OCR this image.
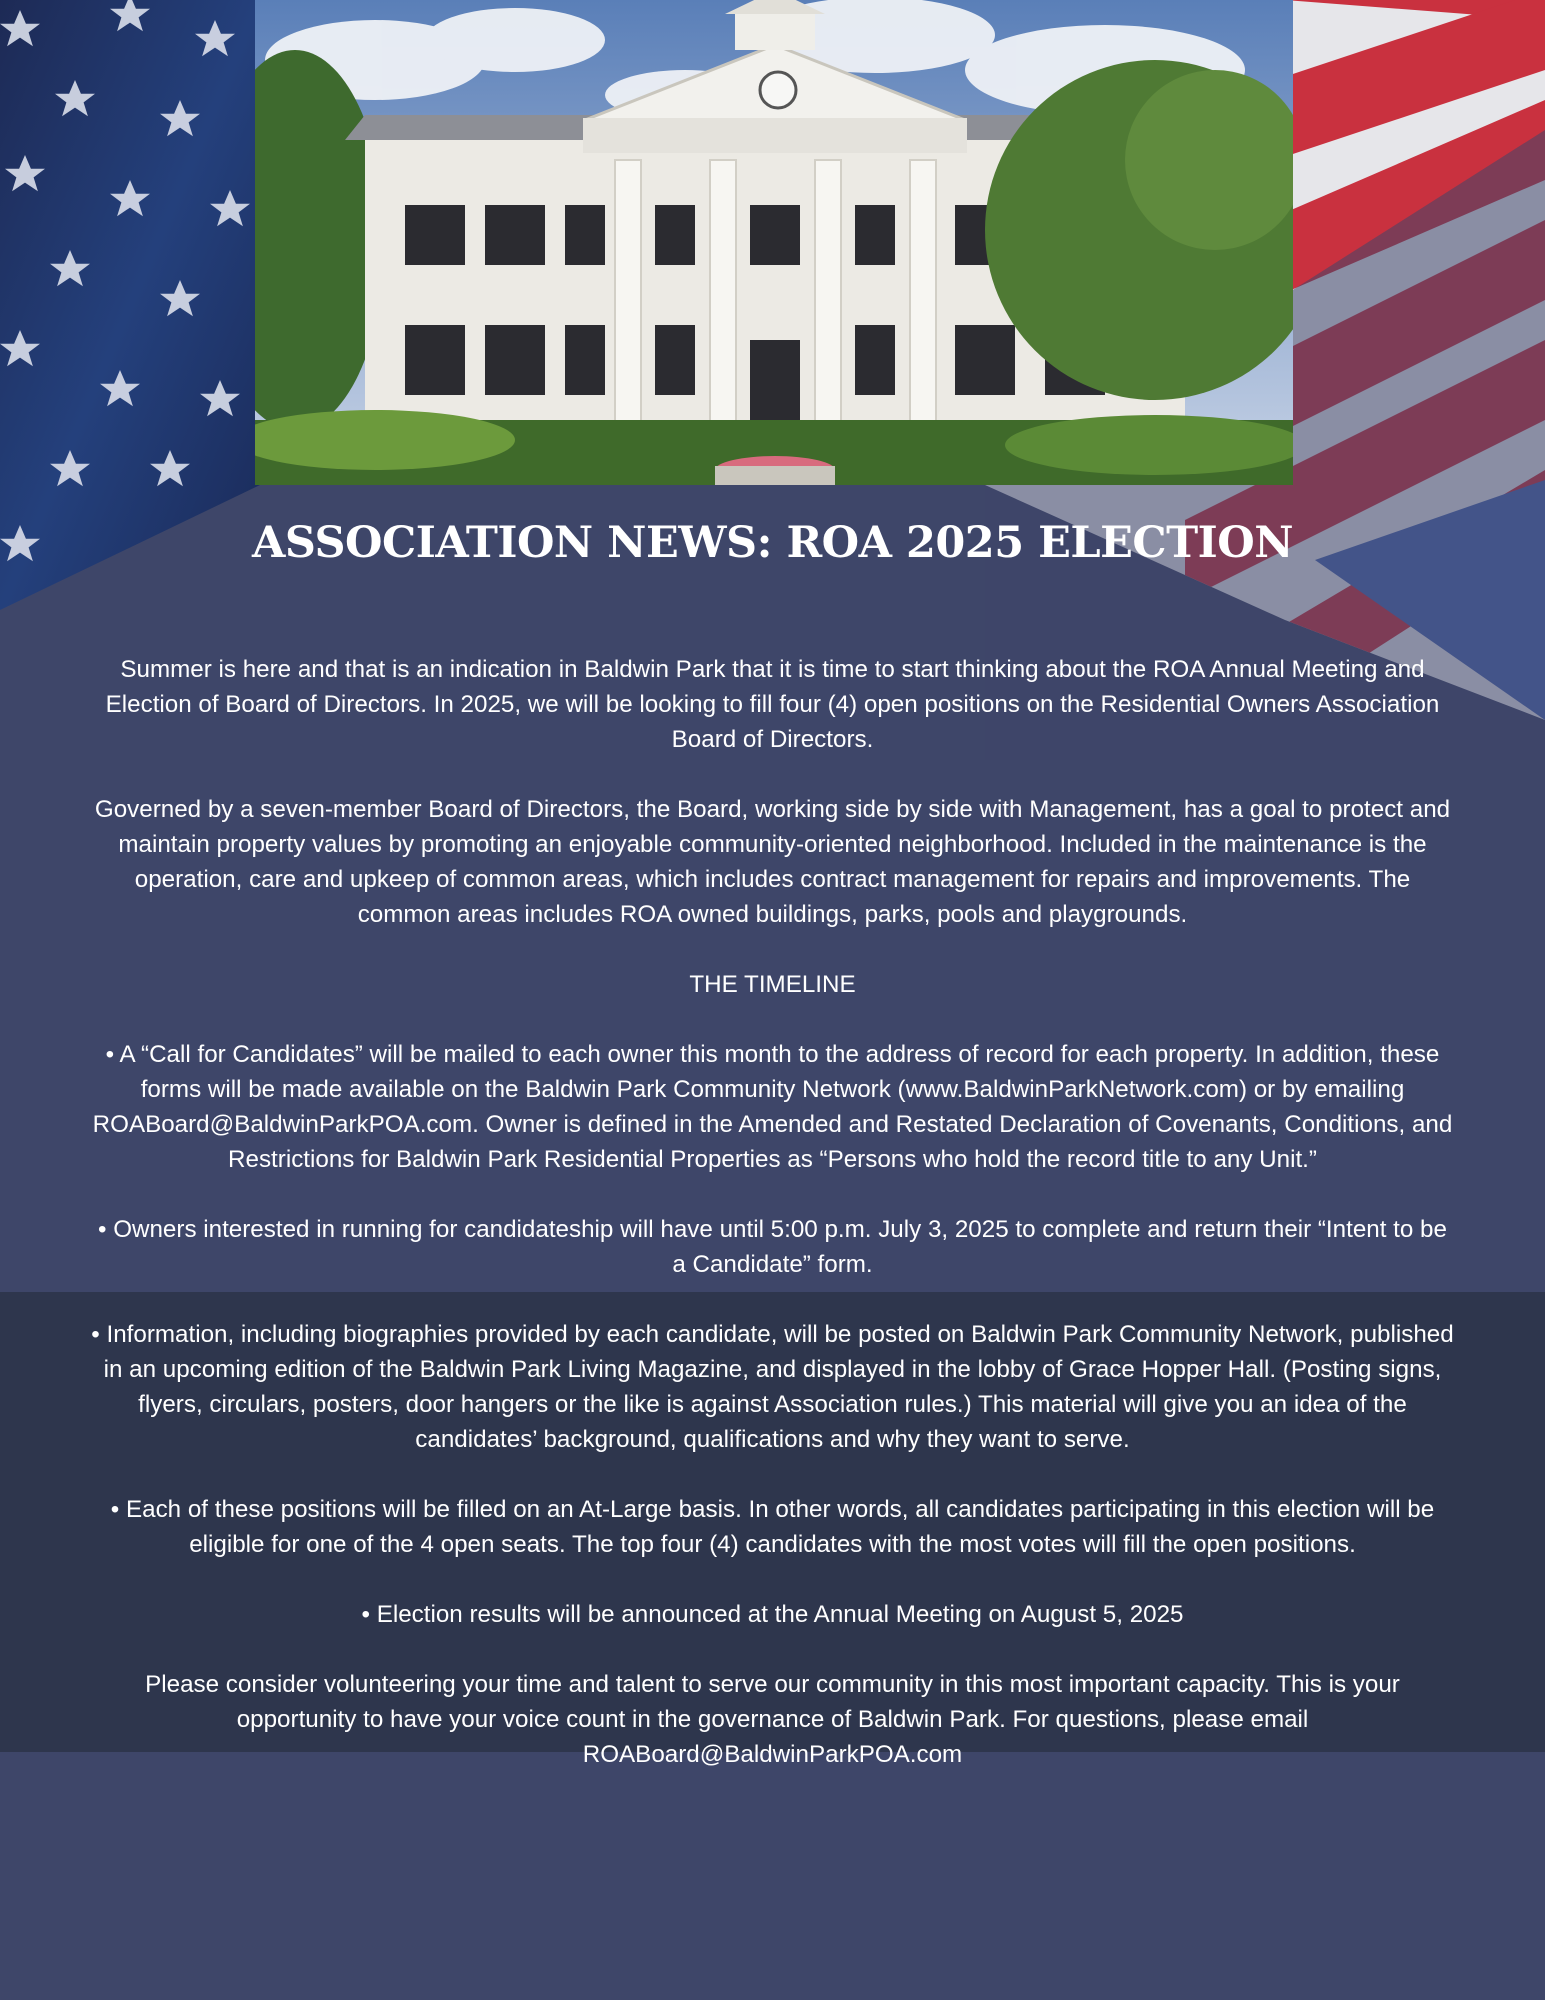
ASSOCIATION NEWS: ROA 2025 ELECTION

Summer is here and that is an indication in Baldwin Park that it is time to start thinking about the ROA Annual Meeting and Election of Board of Directors. In 2025, we will be looking to fill four (4) open positions on the Residential Owners Association Board of Directors.

Governed by a seven-member Board of Directors, the Board, working side by side with Management, has a goal to protect and maintain property values by promoting an enjoyable community-oriented neighborhood. Included in the maintenance is the operation, care and upkeep of common areas, which includes contract management for repairs and improvements. The common areas includes ROA owned buildings, parks, pools and playgrounds.

THE TIMELINE

• A “Call for Candidates” will be mailed to each owner this month to the address of record for each property. In addition, these forms will be made available on the Baldwin Park Community Network (www.BaldwinParkNetwork.com) or by emailing ROABoard@BaldwinParkPOA.com. Owner is defined in the Amended and Restated Declaration of Covenants, Conditions, and Restrictions for Baldwin Park Residential Properties as “Persons who hold the record title to any Unit.”

• Owners interested in running for candidateship will have until 5:00 p.m. July 3, 2025 to complete and return their “Intent to be a Candidate” form.

• Information, including biographies provided by each candidate, will be posted on Baldwin Park Community Network, published in an upcoming edition of the Baldwin Park Living Magazine, and displayed in the lobby of Grace Hopper Hall. (Posting signs, flyers, circulars, posters, door hangers or the like is against Association rules.) This material will give you an idea of the candidates’ background, qualifications and why they want to serve.

• Each of these positions will be filled on an At-Large basis. In other words, all candidates participating in this election will be eligible for one of the 4 open seats. The top four (4) candidates with the most votes will fill the open positions.

• Election results will be announced at the Annual Meeting on August 5, 2025

Please consider volunteering your time and talent to serve our community in this most important capacity. This is your opportunity to have your voice count in the governance of Baldwin Park. For questions, please email ROABoard@BaldwinParkPOA.com
